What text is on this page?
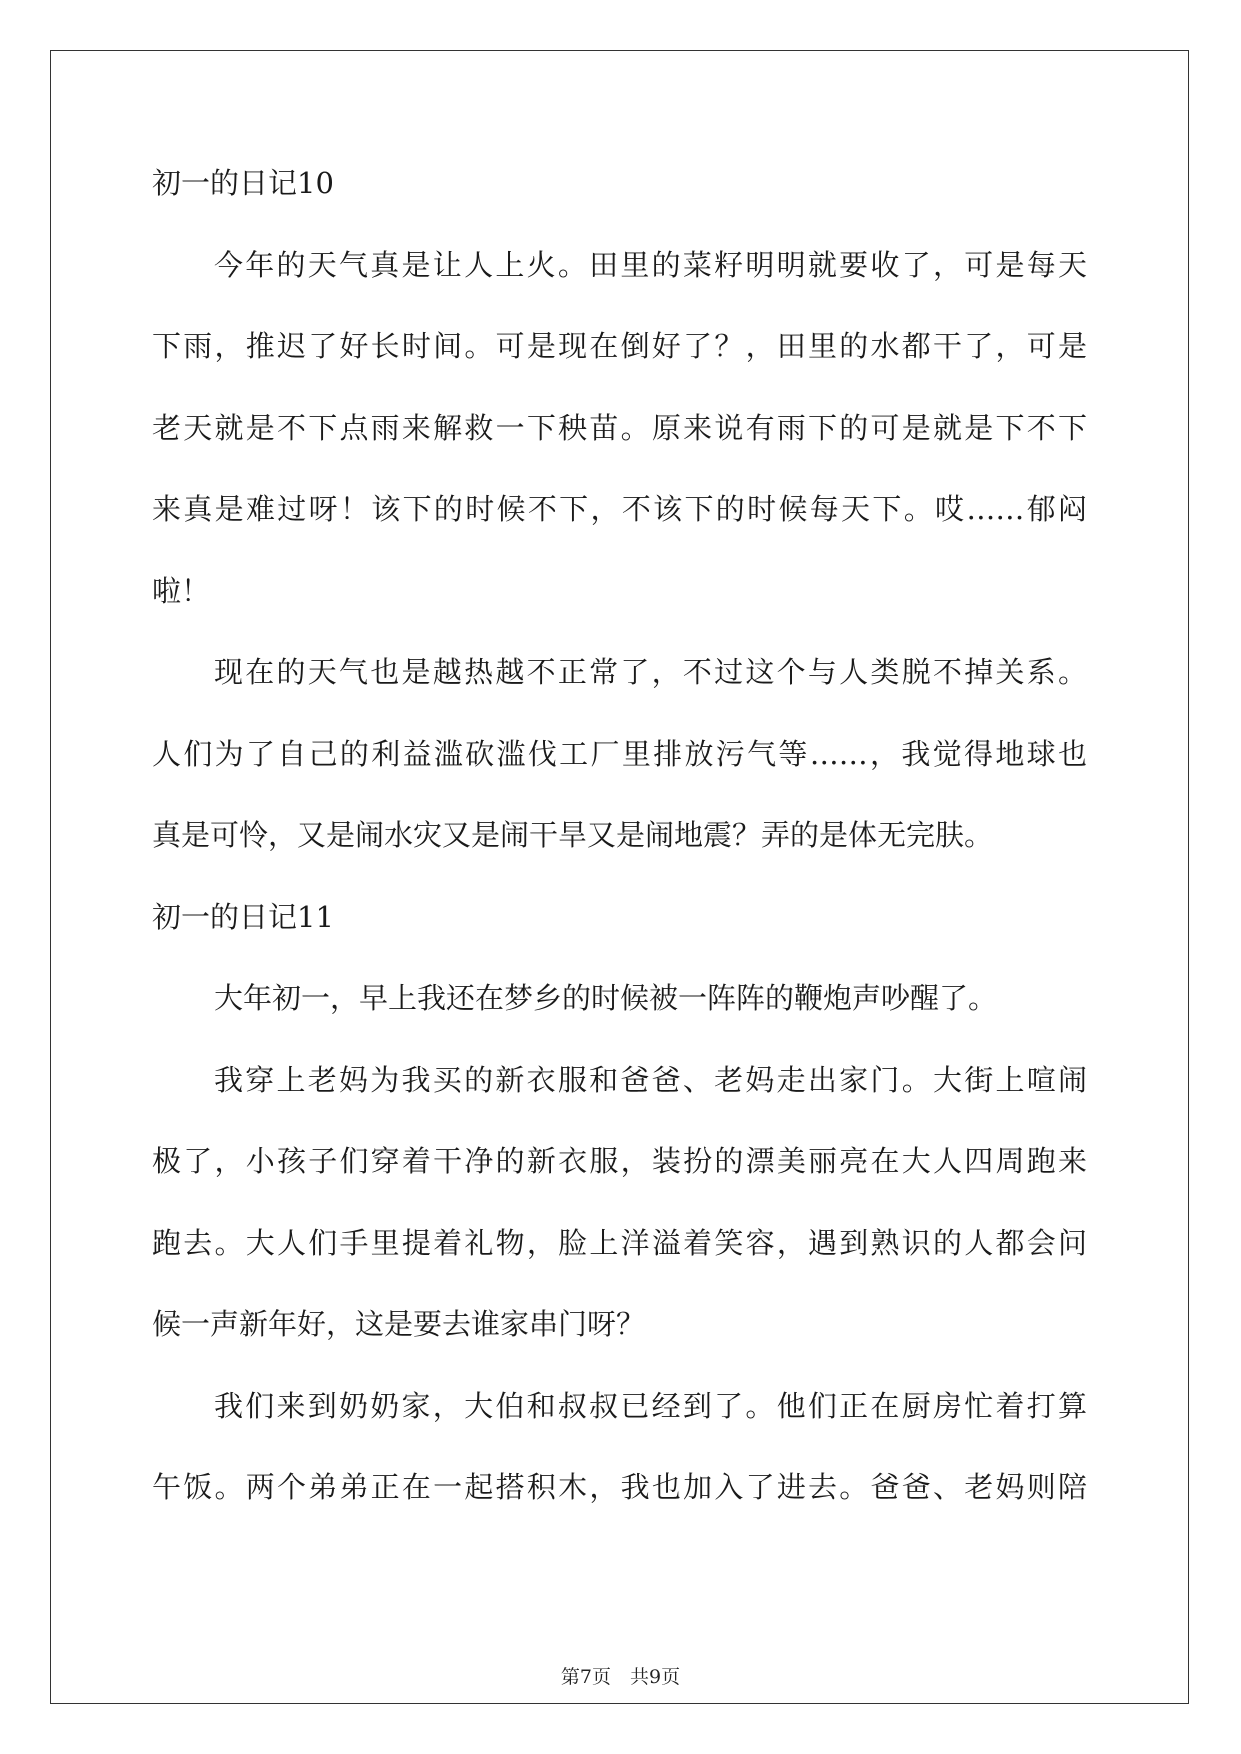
初一的日记10
今年的天气真是让人上火。田里的菜籽明明就要收了，可是每天
下雨，推迟了好长时间。可是现在倒好了？，田里的水都干了，可是
老天就是不下点雨来解救一下秧苗。原来说有雨下的可是就是下不下
来真是难过呀！该下的时候不下，不该下的时候每天下。哎……郁闷
啦！
现在的天气也是越热越不正常了，不过这个与人类脱不掉关系。
人们为了自己的利益滥砍滥伐工厂里排放污气等……，我觉得地球也
真是可怜，又是闹水灾又是闹干旱又是闹地震？弄的是体无完肤。
初一的日记11
大年初一，早上我还在梦乡的时候被一阵阵的鞭炮声吵醒了。
我穿上老妈为我买的新衣服和爸爸、老妈走出家门。大街上喧闹
极了，小孩子们穿着干净的新衣服，装扮的漂美丽亮在大人四周跑来
跑去。大人们手里提着礼物，脸上洋溢着笑容，遇到熟识的人都会问
候一声新年好，这是要去谁家串门呀？
我们来到奶奶家，大伯和叔叔已经到了。他们正在厨房忙着打算
午饭。两个弟弟正在一起搭积木，我也加入了进去。爸爸、老妈则陪
第7页　共9页
